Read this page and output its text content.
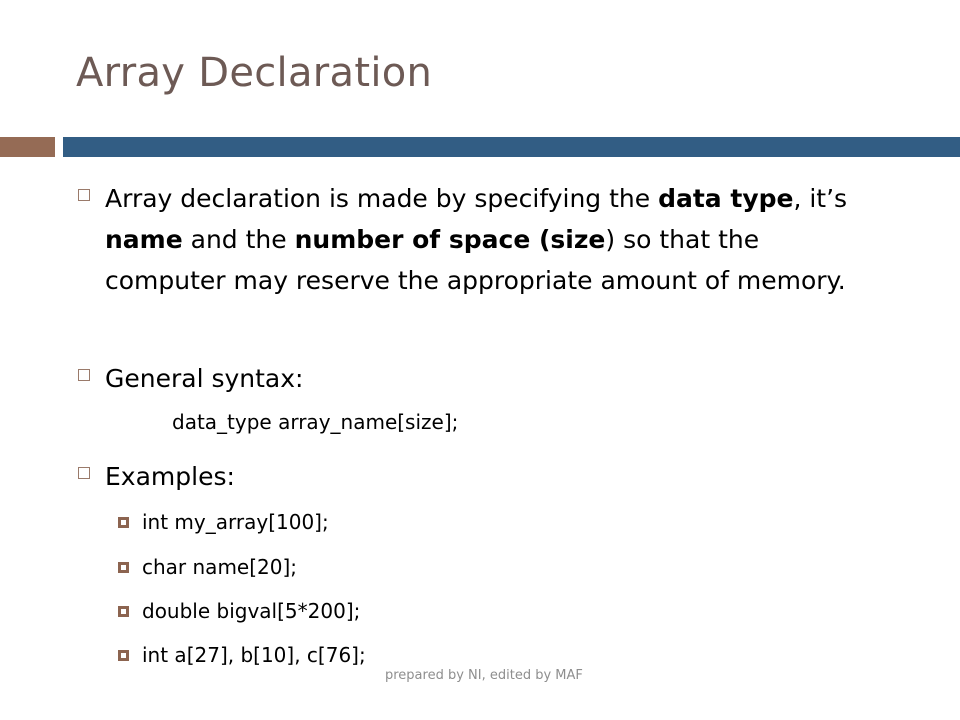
Array Declaration
Array declaration is made by specifying the data type, it’s name and the number of space (size) so that the computer may reserve the appropriate amount of memory.
General syntax:
data_type array_name[size];
Examples:
int my_array[100];
char name[20];
double bigval[5*200];
int a[27], b[10], c[76];
prepared by NI, edited by MAF
